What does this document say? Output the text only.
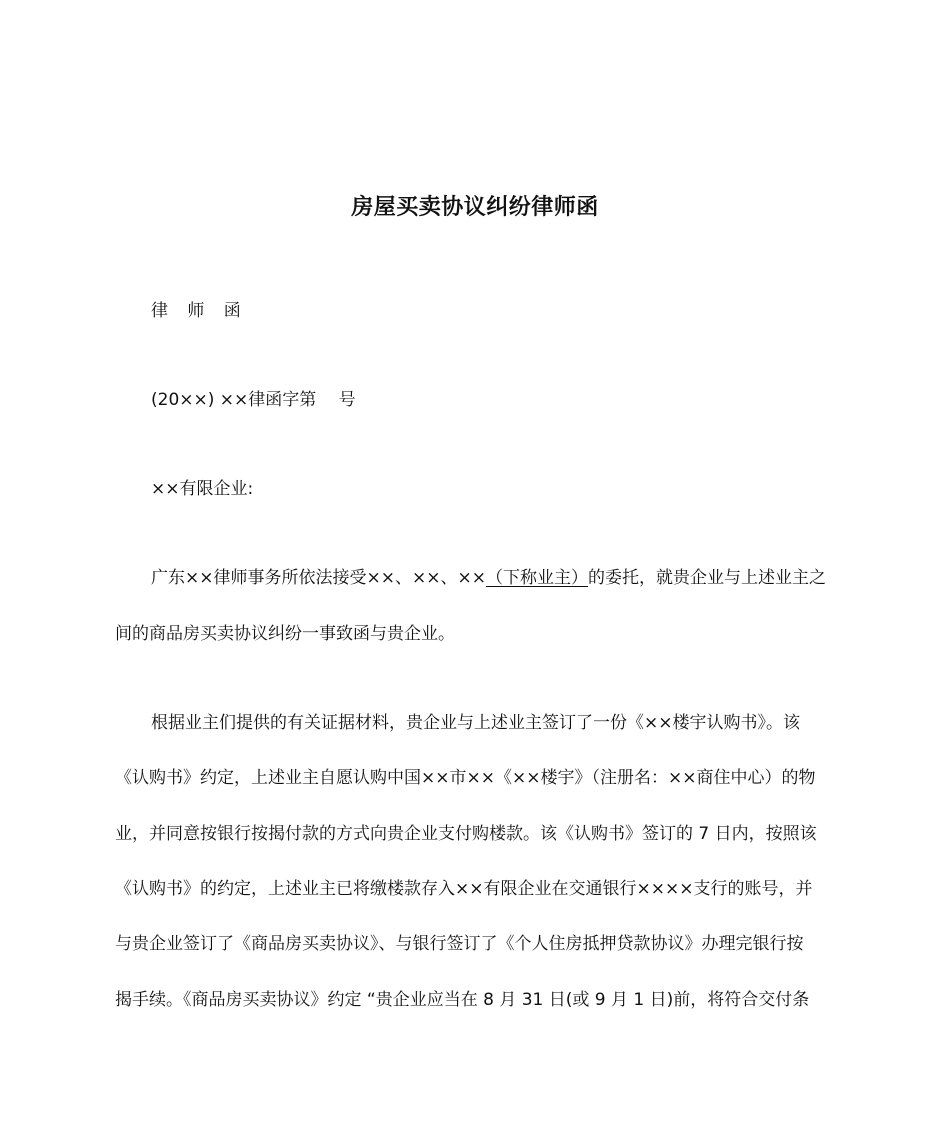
房屋买卖协议纠纷律师函
律 师 函
(20××) ××律函字第　 号
××有限企业:
广东××律师事务所依法接受××、××、××（下称业主）的委托，就贵企业与上述业主之
间的商品房买卖协议纠纷一事致函与贵企业。
根据业主们提供的有关证据材料，贵企业与上述业主签订了一份《××楼宇认购书》。该
《认购书》约定，上述业主自愿认购中国××市××《××楼宇》（注册名：××商住中心）的物
业，并同意按银行按揭付款的方式向贵企业支付购楼款。该《认购书》签订的 7 日内，按照该
《认购书》的约定，上述业主已将缴楼款存入××有限企业在交通银行××××支行的账号，并
与贵企业签订了《商品房买卖协议》、与银行签订了《个人住房抵押贷款协议》办理完银行按
揭手续。《商品房买卖协议》约定 “贵企业应当在 8 月 31 日(或 9 月 1 日)前，将符合交付条
